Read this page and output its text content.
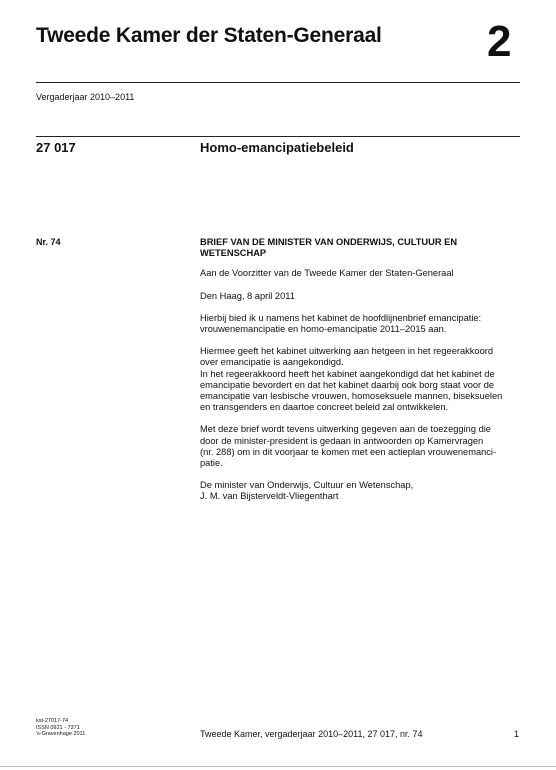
Tweede Kamer der Staten-Generaal 2
Vergaderjaar 2010–2011
27 017	Homo-emancipatiebeleid
Nr. 74	BRIEF VAN DE MINISTER VAN ONDERWIJS, CULTUUR EN
WETENSCHAP

Aan de Voorzitter van de Tweede Kamer der Staten-Generaal

Den Haag, 8 april 2011

Hierbij bied ik u namens het kabinet de hoofdlijnenbrief emancipatie:
vrouwenemancipatie en homo-emancipatie 2011–2015 aan.

Hiermee geeft het kabinet uitwerking aan hetgeen in het regeerakkoord
over emancipatie is aangekondigd.
In het regeerakkoord heeft het kabinet aangekondigd dat het kabinet de
emancipatie bevordert en dat het kabinet daarbij ook borg staat voor de
emancipatie van lesbische vrouwen, homoseksuele mannen, biseksuelen
en transgenders en daartoe concreet beleid zal ontwikkelen.

Met deze brief wordt tevens uitwerking gegeven aan de toezegging die
door de minister-president is gedaan in antwoorden op Kamervragen
(nr. 288) om in dit voorjaar te komen met een actieplan vrouwenemanci-
patie.

De minister van Onderwijs, Cultuur en Wetenschap,
J. M. van Bijsterveldt-Vliegenthart

kst-27017-74
ISSN 0921 - 7371
's-Gravenhage 2011	Tweede Kamer, vergaderjaar 2010–2011, 27 017, nr. 74	1
